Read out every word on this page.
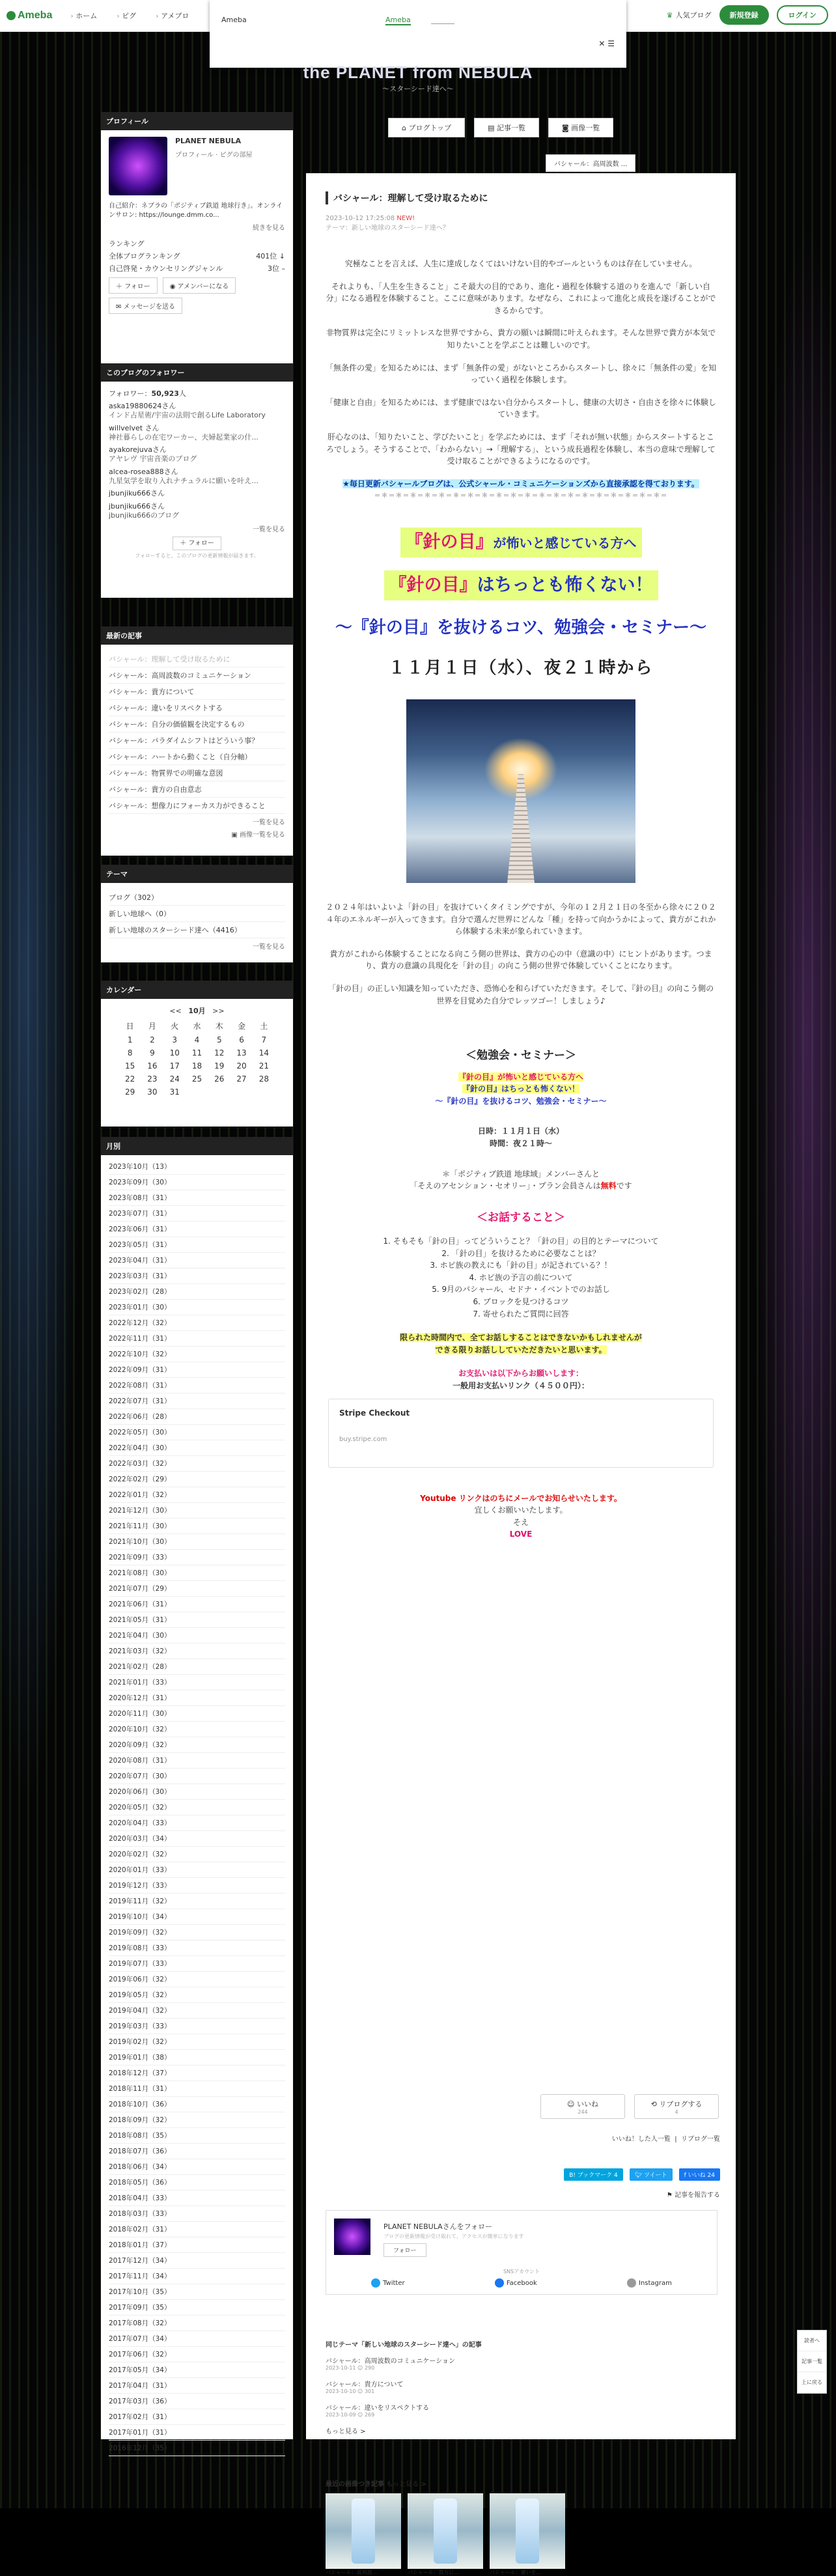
Ameba	› ホーム	› ピグ	› アメブロ	♛ 人気ブログ	新規登録	ログイン
Ameba	Ameba
✕ ☰
the PLANET from NEBULA
〜スターシード達へ〜
⌂ ブログトップ	▤ 記事一覧	◙ 画像一覧
バシャール：高周波数 ...
プロフィール
PLANET NEBULA
プロフィール · ピグの部屋
自己紹介：ネブラの「ポジティブ鉄道 地球行き」。オンラインサロン: https://lounge.dmm.co...
続きを見る
ランキング
全体ブログランキング	401位 ↓
自己啓発・カウンセリングジャンル	3位 –
＋ フォロー	◉ アメンバーになる
✉ メッセージを送る
このブログのフォロワー
フォロワー：50,923人
aska19880624さん
インド占星術/宇宙の法則で創るLife Laboratory
willvelvet さん
神社暮らしの在宅ワーカー、夫婦起業家の什...
ayakorejuvaさん
アヤレヴ 宇宙音楽のブログ
alcea-rosea888さん
九星気学を取り入れナチュラルに願いを叶え...
jbunjiku666さん
jbunjiku666さん
jbunjiku666のブログ
一覧を見る
＋ フォロー
フォローすると、このブログの更新情報が届きます。
最新の記事
バシャール：理解して受け取るために
バシャール：高周波数のコミュニケーション
バシャール：貴方について
バシャール：違いをリスペクトする
バシャール：自分の価値観を決定するもの
バシャール：パラダイムシフトはどういう事？
バシャール：ハートから動くこと（自分軸）
バシャール：物質界での明確な意図
バシャール：貴方の自由意志
バシャール：想像力にフォーカス力ができること
一覧を見る
▣ 画像一覧を見る
テーマ
ブログ（302）
新しい地球へ（0）
新しい地球のスターシード達へ（4416）
一覧を見る
カレンダー
<< 10月 >>
日	月	火	水	木	金	土
1	2	3	4	5	6	7
8	9	10	11	12	13	14
15	16	17	18	19	20	21
22	23	24	25	26	27	28
29	30	31				
月別
2023年10月（13）
2023年09月（30）
2023年08月（31）
2023年07月（31）
2023年06月（31）
2023年05月（31）
2023年04月（31）
2023年03月（31）
2023年02月（28）
2023年01月（30）
2022年12月（32）
2022年11月（31）
2022年10月（32）
2022年09月（31）
2022年08月（31）
2022年07月（31）
2022年06月（28）
2022年05月（30）
2022年04月（30）
2022年03月（32）
2022年02月（29）
2022年01月（32）
2021年12月（30）
2021年11月（30）
2021年10月（30）
2021年09月（33）
2021年08月（30）
2021年07月（29）
2021年06月（31）
2021年05月（31）
2021年04月（30）
2021年03月（32）
2021年02月（28）
2021年01月（33）
2020年12月（31）
2020年11月（30）
2020年10月（32）
2020年09月（32）
2020年08月（31）
2020年07月（30）
2020年06月（30）
2020年05月（32）
2020年04月（33）
2020年03月（34）
2020年02月（32）
2020年01月（33）
2019年12月（33）
2019年11月（32）
2019年10月（34）
2019年09月（32）
2019年08月（33）
2019年07月（33）
2019年06月（32）
2019年05月（32）
2019年04月（32）
2019年03月（33）
2019年02月（32）
2019年01月（38）
2018年12月（37）
2018年11月（31）
2018年10月（36）
2018年09月（32）
2018年08月（35）
2018年07月（36）
2018年06月（34）
2018年05月（36）
2018年04月（33）
2018年03月（33）
2018年02月（31）
2018年01月（37）
2017年12月（34）
2017年11月（34）
2017年10月（35）
2017年09月（35）
2017年08月（32）
2017年07月（34）
2017年06月（32）
2017年05月（34）
2017年04月（31）
2017年03月（36）
2017年02月（31）
2017年01月（31）
2016年12月（35）
バシャール：理解して受け取るために
2023-10-12 17:25:08 NEW!
テーマ：新しい地球のスターシード達へ？

究極なことを言えば、人生に達成しなくてはいけない目的やゴールというものは存在していません。

それよりも、「人生を生きること」こそ最大の目的であり、進化・過程を体験する道のりを進んで「新しい自分」になる過程を体験すること。ここに意味があります。なぜなら、これによって進化と成長を遂げることができるからです。

非物質界は完全にリミットレスな世界ですから、貴方の願いは瞬間に叶えられます。そんな世界で貴方が本気で知りたいことを学ぶことは難しいのです。

「無条件の愛」を知るためには、まず「無条件の愛」がないところからスタートし、徐々に「無条件の愛」を知っていく過程を体験します。

「健康と自由」を知るためには、まず健康ではない自分からスタートし、健康の大切さ・自由さを徐々に体験していきます。

肝心なのは、「知りたいこと、学びたいこと」を学ぶためには、まず「それが無い状態」からスタートするところでしょう。そうすることで、「わからない」→「理解する」、という成長過程を体験し、本当の意味で理解して受け取ることができるようになるのです。

★毎日更新バシャールブログは、公式シャール・コミュニケーションズから直接承認を得ております。

＝＊＝＊＝＊＝＊＝＊＝＊＝＊＝＊＝＊＝＊＝＊＝＊＝＊＝＊＝＊＝＊＝＊＝＊＝＊＝＊＝

『針の目』が怖いと感じている方へ
『針の目』はちっとも怖くない！
〜『針の目』を抜けるコツ、勉強会・セミナー〜
１１月１日（水）、夜２１時から

２０２４年はいよいよ「針の目」を抜けていくタイミングですが、今年の１２月２１日の冬至から徐々に２０２４年のエネルギーが入ってきます。自分で選んだ世界にどんな「種」を持って向かうかによって、貴方がこれから体験する未来が象られていきます。

貴方がこれから体験することになる向こう側の世界は、貴方の心の中（意識の中）にヒントがあります。つまり、貴方の意識の具現化を「針の目」の向こう側の世界で体験していくことになります。

「針の目」の正しい知識を知っていただき、恐怖心を和らげていただきます。そして、『針の目』の向こう側の世界を目覚めた自分でレッツゴー！しましょう♪

＜勉強会・セミナー＞
『針の目』が怖いと感じている方へ
『針の目』はちっとも怖くない！
〜『針の目』を抜けるコツ、勉強会・セミナー〜
日時：１１月１日（水）
時間：夜２１時〜
＊「ポジティブ鉄道 地球域」メンバーさんと
「そえのアセンション・セオリー」・プラン会員さんは無料です
＜お話すること＞
1. そもそも「針の目」ってどういうこと？「針の目」の目的とテーマについて
2. 「針の目」を抜けるために必要なことは？
3. ホピ族の教えにも「針の目」が記されている？！
4. ホピ族の予言の前について
5. 9月のバシャール、セドナ・イベントでのお話し
6. ブロックを見つけるコツ
7. 寄せられたご質問に回答
限られた時間内で、全てお話しすることはできないかもしれませんが
できる限りお話ししていただきたいと思います。
お支払いは以下からお願いします：
一般用お支払いリンク（４５００円）：
Stripe Checkout
buy.stripe.com
Youtube リンクはのちにメールでお知らせいたします。
宜しくお願いいたします。
そえ
LOVE
☺ いいね
244
⟲ リブログする
4
いいね！した人一覧  |  リブログ一覧
B! ブックマーク 4	🐦︎ ツイート	f いいね 24
⚑ 記事を報告する
PLANET NEBULAさんをフォロー
ブログの更新情報が受け取れて、アクセスが簡単になります
フォロー
SNSアカウント
Twitter	Facebook	Instagram
同じテーマ「新しい地球のスターシード達へ」の記事
バシャール：高周波数のコミュニケーション
2023-10-11 ☺ 290
バシャール：貴方について
2023-10-10 ☺ 301
バシャール：違いをリスペクトする
2023-10-09 ☺ 269
もっと見る >
最近の画像つき記事 もっと見る >
バシャール：高周波...	バシャール：貴方に...	バシャール：違いを...
読者へ
記事一覧
上に戻る
